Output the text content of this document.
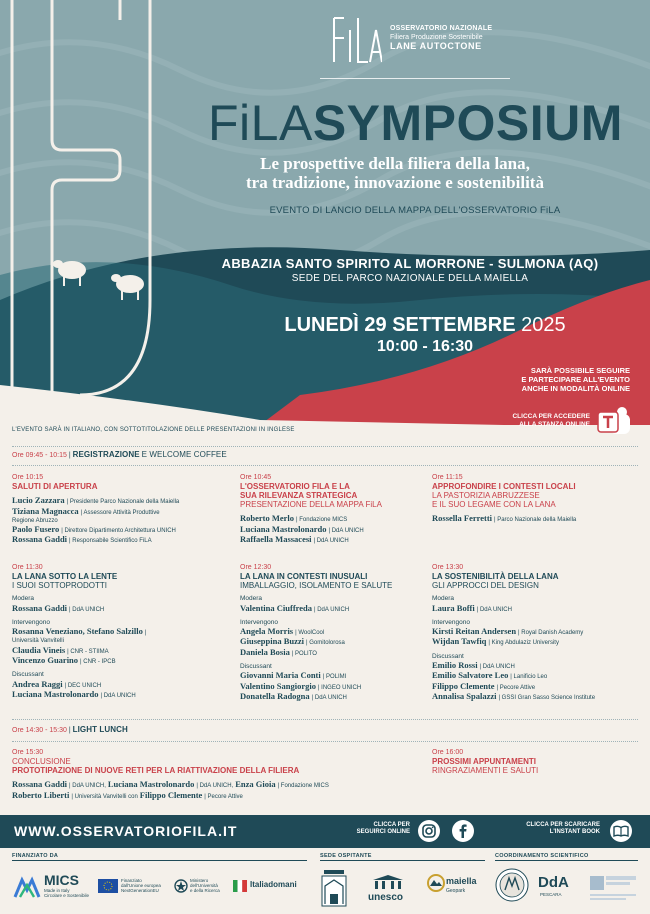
OSSERVATORIO NAZIONALE
Filiera Produzione Sostenibile
LANE AUTOCTONE
FiLASYMPOSIUM
Le prospettive della filiera della lana,
tra tradizione, innovazione e sostenibilità
EVENTO DI LANCIO DELLA MAPPA DELL'OSSERVATORIO FiLA
ABBAZIA SANTO SPIRITO AL MORRONE - SULMONA (AQ)
SEDE DEL PARCO NAZIONALE DELLA MAIELLA
LUNEDÌ 29 SETTEMBRE 2025
10:00 - 16:30
SARÀ POSSIBILE SEGUIRE
E PARTECIPARE ALL'EVENTO
ANCHE IN MODALITÀ ONLINE
CLICCA PER ACCEDERE
ALLA STANZA ONLINE
L'EVENTO SARÀ IN ITALIANO, CON SOTTOTITOLAZIONE DELLE PRESENTAZIONI IN INGLESE
Ore 09:45 - 10:15 | REGISTRAZIONE E WELCOME COFFEE
Ore 10:15
SALUTI DI APERTURA
Lucio Zazzara | Presidente Parco Nazionale della Maiella
Tiziana Magnacca | Assessore Attività Produttive
Regione Abruzzo
Paolo Fusero | Direttore Dipartimento Architettura UNICH
Rossana Gaddi | Responsabile Scientifico FiLA
Ore 10:45
L'OSSERVATORIO FILA E LA
SUA RILEVANZA STRATEGICA
PRESENTAZIONE DELLA MAPPA FiLA
Roberto Merlo | Fondazione MICS
Luciana Mastrolonardo | DdA UNICH
Raffaella Massacesi | DdA UNICH
Ore 11:15
APPROFONDIRE I CONTESTI LOCALI
LA PASTORIZIA ABRUZZESE
E IL SUO LEGAME CON LA LANA
Rossella Ferretti | Parco Nazionale della Maiella
Ore 11:30
LA LANA SOTTO LA LENTE
I SUOI SOTTOPRODOTTI
Modera
Rossana Gaddi | DdA UNICH
Intervengono
Rosanna Veneziano, Stefano Salzillo |
Università Vanvitelli
Claudia Vineis | CNR - STIIMA
Vincenzo Guarino | CNR - IPCB
Discussant
Andrea Raggi | DEC UNICH
Luciana Mastrolonardo | DdA UNICH
Ore 12:30
LA LANA IN CONTESTI INUSUALI
IMBALLAGGIO, ISOLAMENTO E SALUTE
Modera
Valentina Ciuffreda | DdA UNICH
Intervengono
Angela Morris | WoolCool
Giuseppina Buzzi | Gomitolorosa
Daniela Bosia | POLITO
Discussant
Giovanni Maria Conti | POLIMI
Valentino Sangiorgio | INGEO UNICH
Donatella Radogna | DdA UNICH
Ore 13:30
LA SOSTENIBILITÀ DELLA LANA
GLI APPROCCI DEL DESIGN
Modera
Laura Boffi | DdA UNICH
Intervengono
Kirsti Reitan Andersen | Royal Danish Academy
Wijdan Tawfiq | King Abdulaziz University
Discussant
Emilio Rossi | DdA UNICH
Emilio Salvatore Leo | Lanificio Leo
Filippo Clemente | Pecore Attive
Annalisa Spalazzi | GSSI Gran Sasso Science Institute
Ore 14:30 - 15:30 | LIGHT LUNCH
Ore 15:30
CONCLUSIONE
PROTOTIPAZIONE DI NUOVE RETI PER LA RIATTIVAZIONE DELLA FILIERA
Rossana Gaddi | DdA UNICH, Luciana Mastrolonardo | DdA UNICH, Enza Gioia | Fondazione MICS
Roberto Liberti | Università Vanvitelli con Filippo Clemente | Pecore Attive
Ore 16:00
PROSSIMI APPUNTAMENTI
RINGRAZIAMENTI E SALUTI
WWW.OSSERVATORIOFILA.IT	CLICCA PER
SEGUIRCI ONLINE
CLICCA PER SCARICARE
L'INSTANT BOOK
FINANZIATO DA	SEDE OSPITANTE	COORDINAMENTO SCIENTIFICO
MICS
Made in Italy
Circolare e Sostenibile
Finanziato
dall'Unione europea
NextGenerationEU
Ministero
dell'Università
e della Ricerca
Italiadomani
unesco
maiella
Geopark	DdA
PESCARA
